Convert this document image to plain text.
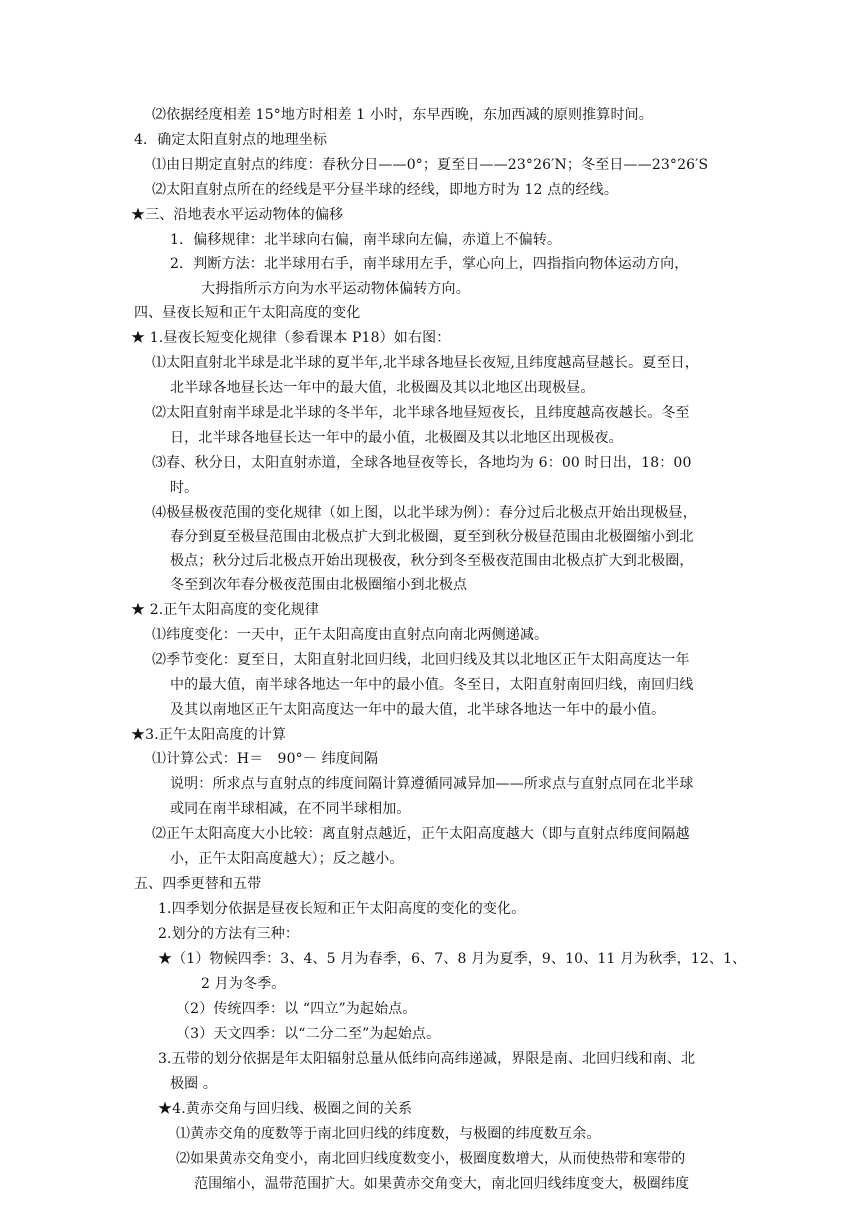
⑵依据经度相差 15°地方时相差 1 小时，东早西晚，东加西减的原则推算时间。
4．确定太阳直射点的地理坐标
⑴由日期定直射点的纬度：春秋分日——0°；夏至日——23°26′N；冬至日——23°26′S
⑵太阳直射点所在的经线是平分昼半球的经线，即地方时为 12 点的经线。
★三、沿地表水平运动物体的偏移
1．偏移规律：北半球向右偏，南半球向左偏，赤道上不偏转。
2．判断方法：北半球用右手，南半球用左手，掌心向上，四指指向物体运动方向，
大拇指所示方向为水平运动物体偏转方向。
四、昼夜长短和正午太阳高度的变化
★ 1.昼夜长短变化规律（参看课本 P18）如右图：
⑴太阳直射北半球是北半球的夏半年,北半球各地昼长夜短,且纬度越高昼越长。夏至日，
北半球各地昼长达一年中的最大值，北极圈及其以北地区出现极昼。
⑵太阳直射南半球是北半球的冬半年，北半球各地昼短夜长，且纬度越高夜越长。冬至
日，北半球各地昼长达一年中的最小值，北极圈及其以北地区出现极夜。
⑶春、秋分日，太阳直射赤道，全球各地昼夜等长，各地均为 6：00 时日出，18：00
时。
⑷极昼极夜范围的变化规律（如上图，以北半球为例）：春分过后北极点开始出现极昼，
春分到夏至极昼范围由北极点扩大到北极圈，夏至到秋分极昼范围由北极圈缩小到北
极点；秋分过后北极点开始出现极夜，秋分到冬至极夜范围由北极点扩大到北极圈，
冬至到次年春分极夜范围由北极圈缩小到北极点
★ 2.正午太阳高度的变化规律
⑴纬度变化：一天中，正午太阳高度由直射点向南北两侧递减。
⑵季节变化：夏至日，太阳直射北回归线，北回归线及其以北地区正午太阳高度达一年
中的最大值，南半球各地达一年中的最小值。冬至日，太阳直射南回归线，南回归线
及其以南地区正午太阳高度达一年中的最大值，北半球各地达一年中的最小值。
★3.正午太阳高度的计算
⑴计算公式：H＝　90°－ 纬度间隔
说明：所求点与直射点的纬度间隔计算遵循同减异加——所求点与直射点同在北半球
或同在南半球相减，在不同半球相加。
⑵正午太阳高度大小比较：离直射点越近，正午太阳高度越大（即与直射点纬度间隔越
小，正午太阳高度越大）；反之越小。
五、四季更替和五带
1.四季划分依据是昼夜长短和正午太阳高度的变化的变化。
2.划分的方法有三种：
★（1）物候四季：3、4、5 月为春季，6、7、8 月为夏季，9、10、11 月为秋季，12、1、
2 月为冬季。
（2）传统四季：以 “四立”为起始点。
（3）天文四季：以“二分二至”为起始点。
3.五带的划分依据是年太阳辐射总量从低纬向高纬递减，界限是南、北回归线和南、北
极圈 。
★4.黄赤交角与回归线、极圈之间的关系
⑴黄赤交角的度数等于南北回归线的纬度数，与极圈的纬度数互余。
⑵如果黄赤交角变小，南北回归线度数变小，极圈度数增大，从而使热带和寒带的
范围缩小，温带范围扩大。如果黄赤交角变大，南北回归线纬度变大，极圈纬度
